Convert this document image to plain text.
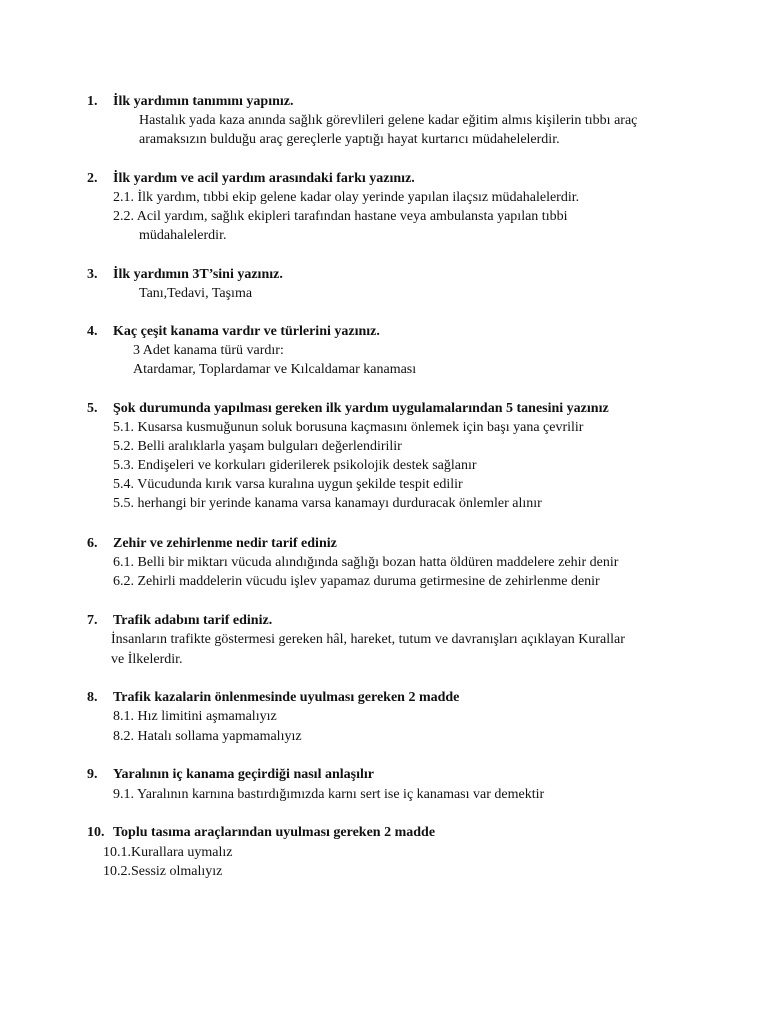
1. İlk yardımın tanımını yapınız.
Hastalık yada kaza anında sağlık görevlileri gelene kadar eğitim almıs kişilerin tıbbı araç
aramaksızın bulduğu araç gereçlerle yaptığı hayat kurtarıcı müdahelelerdir.
2. İlk yardım ve acil yardım arasındaki farkı yazınız.
2.1. İlk yardım, tıbbi ekip gelene kadar olay yerinde yapılan ilaçsız müdahalelerdir.
2.2. Acil yardım, sağlık ekipleri tarafından hastane veya ambulansta yapılan tıbbi
müdahalelerdir.
3. İlk yardımın 3T’sini yazınız.
Tanı,Tedavi, Taşıma
4. Kaç çeşit kanama vardır ve türlerini yazınız.
3 Adet kanama türü vardır:
Atardamar, Toplardamar ve Kılcaldamar kanaması
5. Şok durumunda yapılması gereken ilk yardım uygulamalarından 5 tanesini yazınız
5.1. Kusarsa kusmuğunun soluk borusuna kaçmasını önlemek için başı yana çevrilir
5.2. Belli aralıklarla yaşam bulguları değerlendirilir
5.3. Endişeleri ve korkuları giderilerek psikolojik destek sağlanır
5.4. Vücudunda kırık varsa kuralına uygun şekilde tespit edilir
5.5. herhangi bir yerinde kanama varsa kanamayı durduracak önlemler alınır
6. Zehir ve zehirlenme nedir tarif ediniz
6.1. Belli bir miktarı vücuda alındığında sağlığı bozan hatta öldüren maddelere zehir denir
6.2. Zehirli maddelerin vücudu işlev yapamaz duruma getirmesine de zehirlenme denir
7. Trafik adabını tarif ediniz.
İnsanların trafikte göstermesi gereken hâl, hareket, tutum ve davranışları açıklayan Kurallar
ve İlkelerdir.
8. Trafik kazalarin önlenmesinde uyulması gereken 2 madde
8.1. Hız limitini aşmamalıyız
8.2. Hatalı sollama yapmamalıyız
9. Yaralının iç kanama geçirdiği nasıl anlaşılır
9.1. Yaralının karnına bastırdığımızda karnı sert ise iç kanaması var demektir
10. Toplu tasıma araçlarından uyulması gereken 2 madde
10.1.Kurallara uymalız
10.2.Sessiz olmalıyız
